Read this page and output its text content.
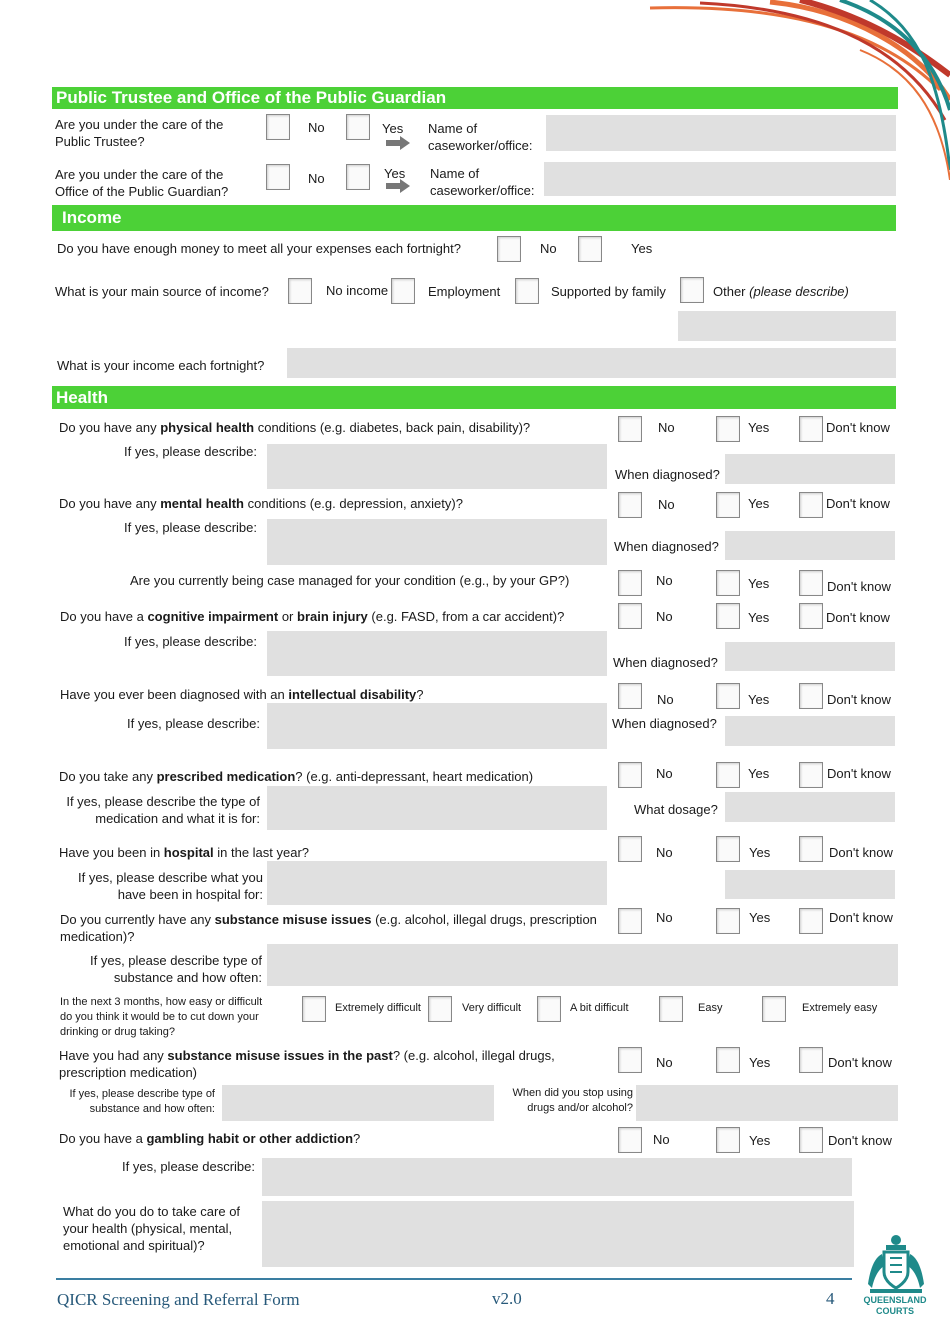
Public Trustee and Office of the Public Guardian
Are you under the care of the Public Trustee?
No	Yes Name of caseworker/office:
Are you under the care of the Office of the Public Guardian?
No	Yes Name of caseworker/office:
Income
Do you have enough money to meet all your expenses each fortnight?	No	Yes
What is your main source of income?	No income	Employment	Supported by family	Other (please describe)
What is your income each fortnight?
Health
Do you have any physical health conditions (e.g. diabetes, back pain, disability)?	No	Yes	Don't know
If yes, please describe:
When diagnosed?
Do you have any mental health conditions (e.g. depression, anxiety)?	No	Yes	Don't know
If yes, please describe:
When diagnosed?
Are you currently being case managed for your condition (e.g., by your GP?)	No	Yes	Don't know
Do you have a cognitive impairment or brain injury (e.g. FASD, from a car accident)?	No	Yes	Don't know
If yes, please describe:
When diagnosed?
Have you ever been diagnosed with an intellectual disability?	No	Yes	Don't know
If yes, please describe:	When diagnosed?
Do you take any prescribed medication? (e.g. anti-depressant, heart medication)	No	Yes	Don't know
If yes, please describe the type of medication and what it is for:
What dosage?
Have you been in hospital in the last year?	No	Yes	Don't know
If yes, please describe what you have been in hospital for:
Do you currently have any substance misuse issues (e.g. alcohol, illegal drugs, prescription medication)?
No	Yes	Don't know
If yes, please describe type of substance and how often:
In the next 3 months, how easy or difficult do you think it would be to cut down your drinking or drug taking?
Extremely difficult	Very difficult	A bit difficult	Easy	Extremely easy
Have you had any substance misuse issues in the past? (e.g. alcohol, illegal drugs, prescription medication)
No	Yes	Don't know
If yes, please describe type of substance and how often:
When did you stop using drugs and/or alcohol?
Do you have a gambling habit or other addiction?	No	Yes	Don't know
If yes, please describe:
What do you do to take care of your health (physical, mental, emotional and spiritual)?
QICR Screening and Referral Form	v2.0	4	QUEENSLAND
COURTS
